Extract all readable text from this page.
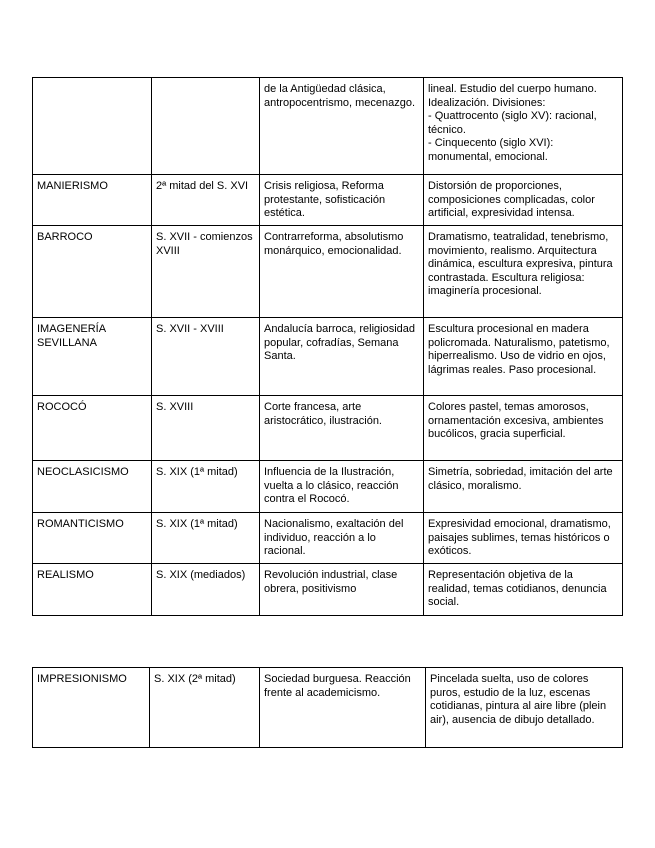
		de la Antigüedad clásica, antropocentrismo, mecenazgo.	lineal. Estudio del cuerpo humano. Idealización. Divisiones:
- Quattrocento (siglo XV): racional, técnico.
- Cinquecento (siglo XVI): monumental, emocional.

MANIERISMO	2ª mitad del S. XVI	Crisis religiosa, Reforma protestante, sofisticación estética.	Distorsión de proporciones, composiciones complicadas, color artificial, expresividad intensa.
BARROCO	S. XVII - comienzos XVIII	Contrarreforma, absolutismo monárquico, emocionalidad.	Dramatismo, teatralidad, tenebrismo, movimiento, realismo. Arquitectura dinámica, escultura expresiva, pintura contrastada. Escultura religiosa: imaginería procesional.
IMAGENERÍA SEVILLANA	S. XVII - XVIII	Andalucía barroca, religiosidad popular, cofradías, Semana Santa.	Escultura procesional en madera policromada. Naturalismo, patetismo, hiperrealismo. Uso de vidrio en ojos, lágrimas reales. Paso procesional.
ROCOCÓ	S. XVIII	Corte francesa, arte aristocrático, ilustración.	Colores pastel, temas amorosos, ornamentación excesiva, ambientes bucólicos, gracia superficial.
NEOCLASICISMO	S. XIX (1ª mitad)	Influencia de la Ilustración, vuelta a lo clásico, reacción contra el Rococó.	Simetría, sobriedad, imitación del arte clásico, moralismo.
ROMANTICISMO	S. XIX (1ª mitad)	Nacionalismo, exaltación del individuo, reacción a lo racional.	Expresividad emocional, dramatismo, paisajes sublimes, temas históricos o exóticos.
REALISMO	S. XIX (mediados)	Revolución industrial, clase obrera, positivismo	Representación objetiva de la realidad, temas cotidianos, denuncia social.
IMPRESIONISMO	S. XIX (2ª mitad)	Sociedad burguesa. Reacción frente al academicismo.	Pincelada suelta, uso de colores puros, estudio de la luz, escenas cotidianas, pintura al aire libre (plein air), ausencia de dibujo detallado.
